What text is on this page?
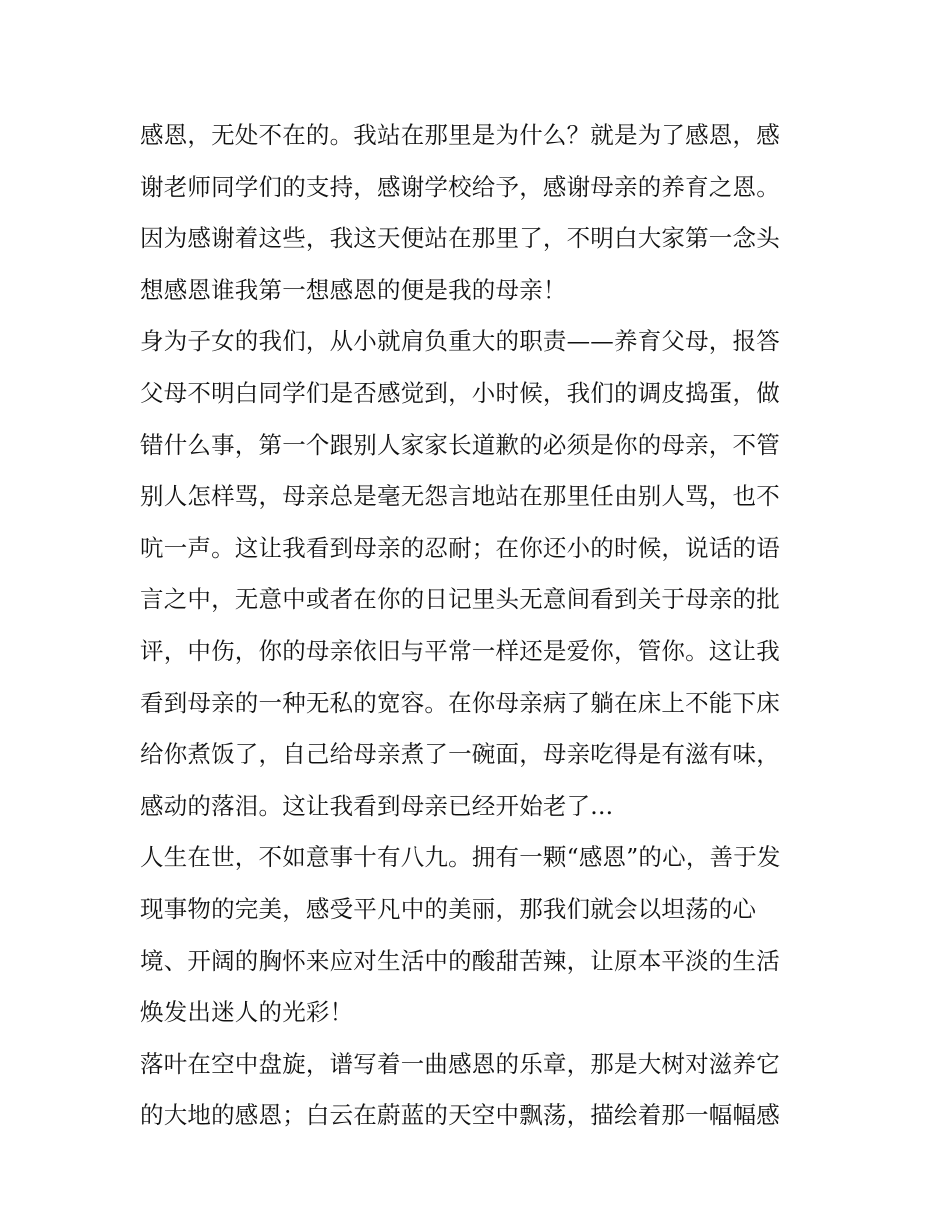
感恩，无处不在的。我站在那里是为什么？就是为了感恩，感
谢老师同学们的支持，感谢学校给予，感谢母亲的养育之恩。
因为感谢着这些，我这天便站在那里了，不明白大家第一念头
想感恩谁我第一想感恩的便是我的母亲！
身为子女的我们，从小就肩负重大的职责——养育父母，报答
父母不明白同学们是否感觉到，小时候，我们的调皮捣蛋，做
错什么事，第一个跟别人家家长道歉的必须是你的母亲，不管
别人怎样骂，母亲总是毫无怨言地站在那里任由别人骂，也不
吭一声。这让我看到母亲的忍耐；在你还小的时候，说话的语
言之中，无意中或者在你的日记里头无意间看到关于母亲的批
评，中伤，你的母亲依旧与平常一样还是爱你，管你。这让我
看到母亲的一种无私的宽容。在你母亲病了躺在床上不能下床
给你煮饭了，自己给母亲煮了一碗面，母亲吃得是有滋有味，
感动的落泪。这让我看到母亲已经开始老了...
人生在世，不如意事十有八九。拥有一颗“感恩”的心，善于发
现事物的完美，感受平凡中的美丽，那我们就会以坦荡的心
境、开阔的胸怀来应对生活中的酸甜苦辣，让原本平淡的生活
焕发出迷人的光彩！
落叶在空中盘旋，谱写着一曲感恩的乐章，那是大树对滋养它
的大地的感恩；白云在蔚蓝的天空中飘荡，描绘着那一幅幅感
